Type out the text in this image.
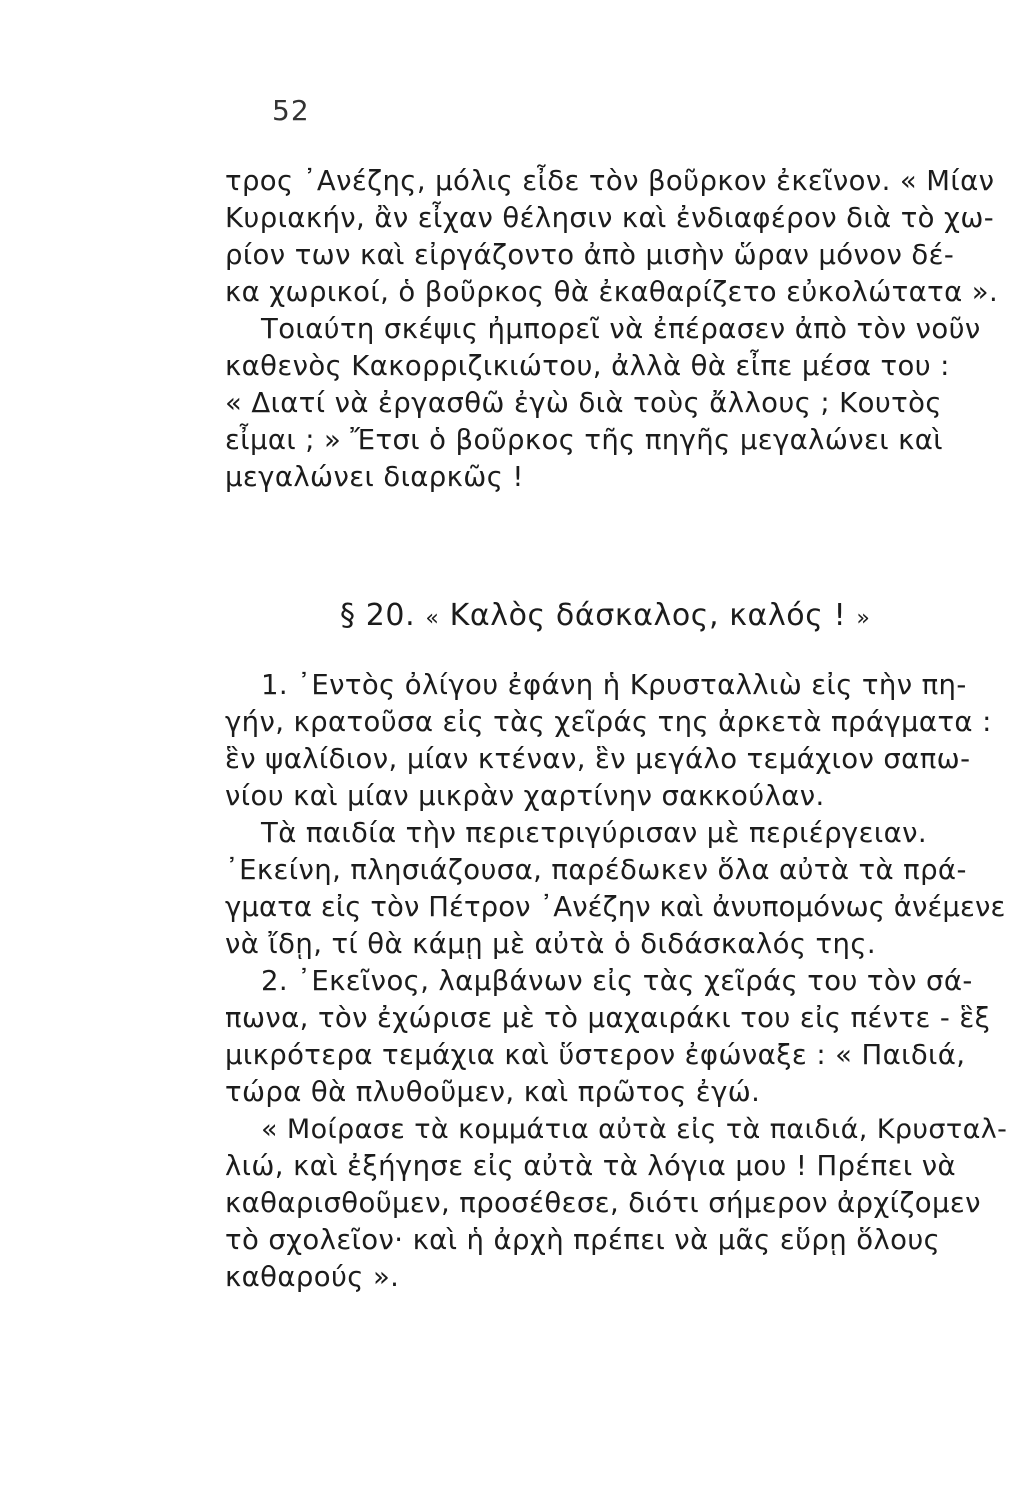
52
τρος ᾿Ανέζης, μόλις εἶδε τὸν βοῦρκον ἐκεῖνον. « Μίαν
Κυριακήν, ἂν εἶχαν θέλησιν καὶ ἐνδιαφέρον διὰ τὸ χω-
ρίον των καὶ εἰργάζοντο ἀπὸ μισὴν ὥραν μόνον δέ-
κα χωρικοί, ὁ βοῦρκος θὰ ἐκαθαρίζετο εὐκολώτατα ».
Τοιαύτη σκέψις ἠμπορεῖ νὰ ἐπέρασεν ἀπὸ τὸν νοῦν
καθενὸς Κακορριζικιώτου, ἀλλὰ θὰ εἶπε μέσα του :
« Διατί νὰ ἐργασθῶ ἐγὼ διὰ τοὺς ἄλλους ; Κουτὸς
εἶμαι ; » Ἔτσι ὁ βοῦρκος τῆς πηγῆς μεγαλώνει καὶ
μεγαλώνει διαρκῶς !
§ 20. « Καλὸς δάσκαλος, καλός ! »
1. ᾿Εντὸς ὀλίγου ἐφάνη ἡ Κρυσταλλιὼ εἰς τὴν πη-
γήν, κρατοῦσα εἰς τὰς χεῖράς της ἀρκετὰ πράγματα :
ἓν ψαλίδιον, μίαν κτέναν, ἓν μεγάλο τεμάχιον σαπω-
νίου καὶ μίαν μικρὰν χαρτίνην σακκούλαν.
Τὰ παιδία τὴν περιετριγύρισαν μὲ περιέργειαν.
᾿Εκείνη, πλησιάζουσα, παρέδωκεν ὅλα αὐτὰ τὰ πρά-
γματα εἰς τὸν Πέτρον ᾿Ανέζην καὶ ἀνυπομόνως ἀνέμενε
νὰ ἴδῃ, τί θὰ κάμῃ μὲ αὐτὰ ὁ διδάσκαλός της.
2. ᾿Εκεῖνος, λαμβάνων εἰς τὰς χεῖράς του τὸν σά-
πωνα, τὸν ἐχώρισε μὲ τὸ μαχαιράκι του εἰς πέντε - ἓξ
μικρότερα τεμάχια καὶ ὕστερον ἐφώναξε : « Παιδιά,
τώρα θὰ πλυθοῦμεν, καὶ πρῶτος ἐγώ.
« Μοίρασε τὰ κομμάτια αὐτὰ εἰς τὰ παιδιά, Κρυσταλ-
λιώ, καὶ ἐξήγησε εἰς αὐτὰ τὰ λόγια μου ! Πρέπει νὰ
καθαρισθοῦμεν, προσέθεσε, διότι σήμερον ἀρχίζομεν
τὸ σχολεῖον· καὶ ἡ ἀρχὴ πρέπει νὰ μᾶς εὕρῃ ὅλους
καθαρούς ».
